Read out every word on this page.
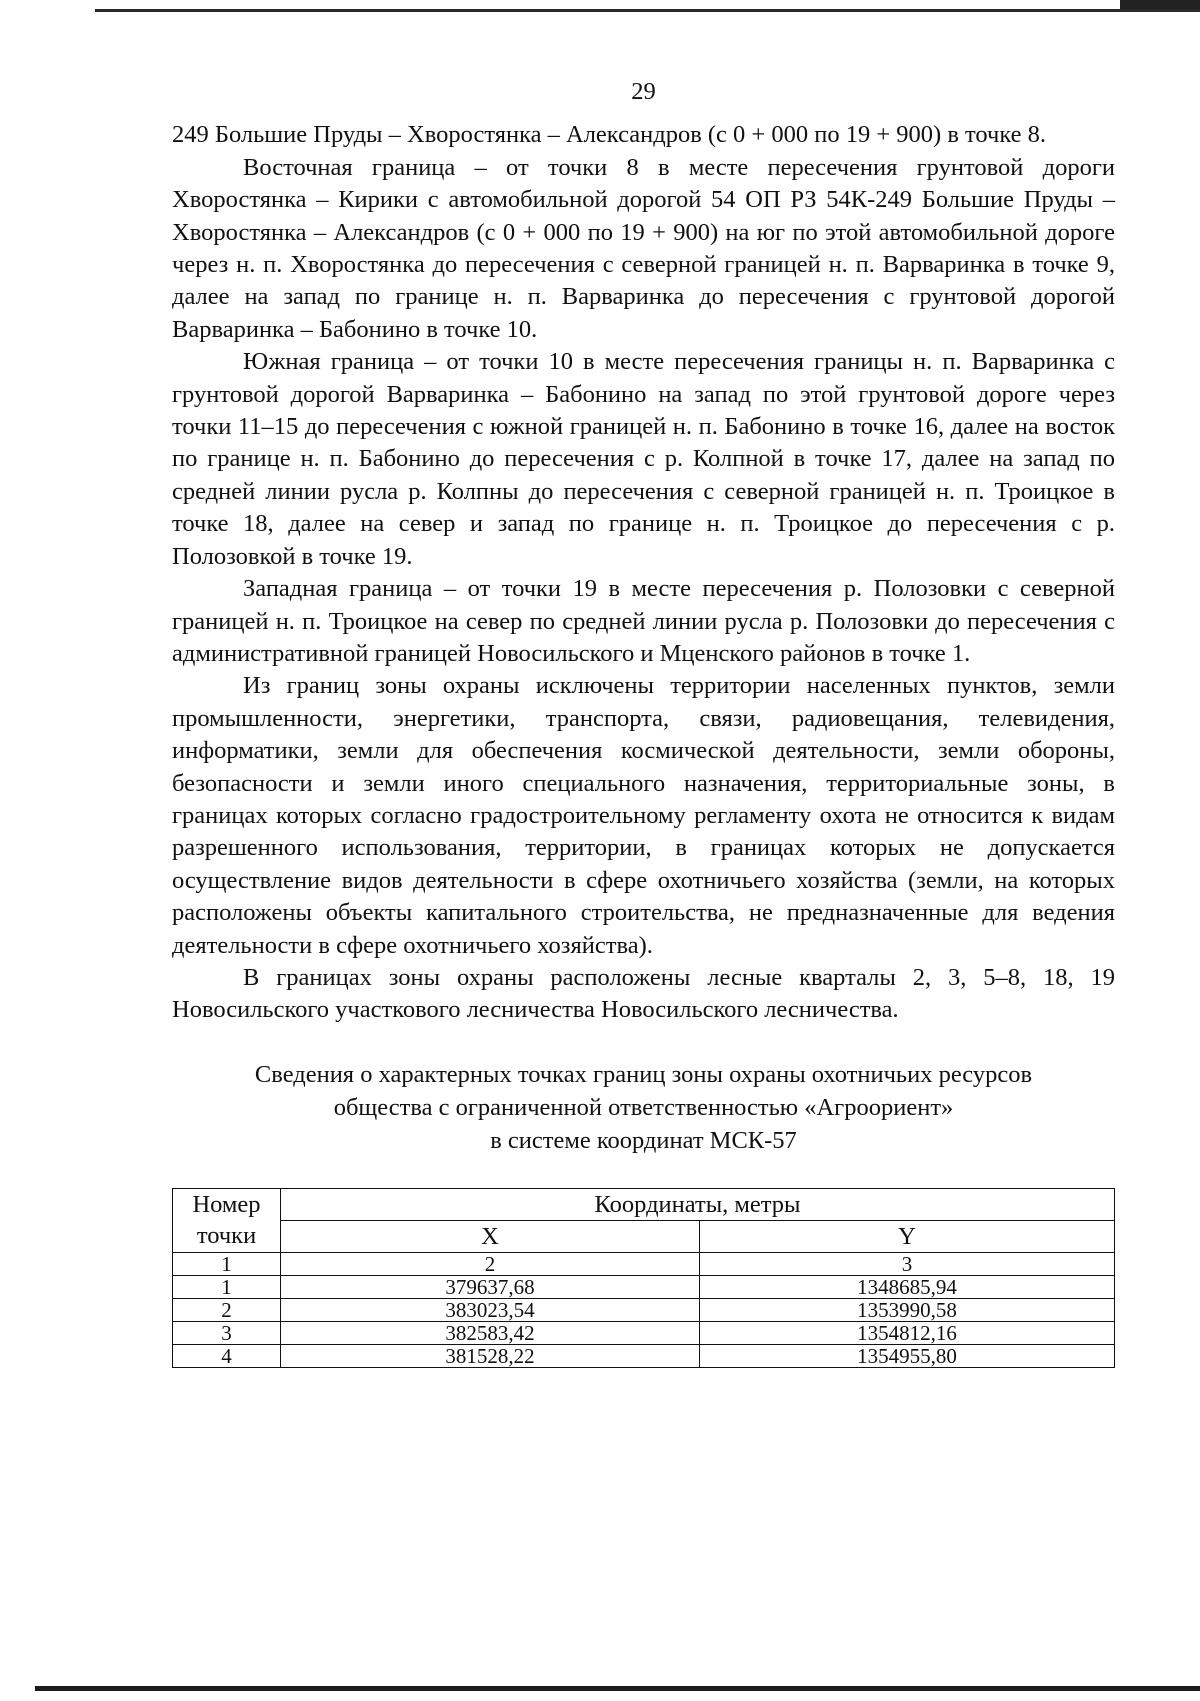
29

249 Большие Пруды – Хворостянка – Александров (с 0 + 000 по 19 + 900) в точке 8.

Восточная граница – от точки 8 в месте пересечения грунтовой дороги Хворостянка – Кирики с автомобильной дорогой 54 ОП РЗ 54К-249 Большие Пруды – Хворостянка – Александров (с 0 + 000 по 19 + 900) на юг по этой автомобильной дороге через н. п. Хворостянка до пересечения с северной границей н. п. Варваринка в точке 9, далее на запад по границе н. п. Варваринка до пересечения с грунтовой дорогой Варваринка – Бабонино в точке 10.

Южная граница – от точки 10 в месте пересечения границы н. п. Варваринка с грунтовой дорогой Варваринка – Бабонино на запад по этой грунтовой дороге через точки 11–15 до пересечения с южной границей н. п. Бабонино в точке 16, далее на восток по границе н. п. Бабонино до пересечения с р. Колпной в точке 17, далее на запад по средней линии русла р. Колпны до пересечения с северной границей н. п. Троицкое в точке 18, далее на север и запад по границе н. п. Троицкое до пересечения с р. Полозовкой в точке 19.

Западная граница – от точки 19 в месте пересечения р. Полозовки с северной границей н. п. Троицкое на север по средней линии русла р. Полозовки до пересечения с административной границей Новосильского и Мценского районов в точке 1.

Из границ зоны охраны исключены территории населенных пунктов, земли промышленности, энергетики, транспорта, связи, радиовещания, телевидения, информатики, земли для обеспечения космической деятельности, земли обороны, безопасности и земли иного специального назначения, территориальные зоны, в границах которых согласно градостроительному регламенту охота не относится к видам разрешенного использования, территории, в границах которых не допускается осуществление видов деятельности в сфере охотничьего хозяйства (земли, на которых расположены объекты капитального строительства, не предназначенные для ведения деятельности в сфере охотничьего хозяйства).

В границах зоны охраны расположены лесные кварталы 2, 3, 5–8, 18, 19 Новосильского участкового лесничества Новосильского лесничества.

Сведения о характерных точках границ зоны охраны охотничьих ресурсов
общества с ограниченной ответственностью «Агроориент»
в системе координат МСК-57
Номер точки	Координаты, метры	
	X	Y
1	2	3
1	379637,68	1348685,94
2	383023,54	1353990,58
3	382583,42	1354812,16
4	381528,22	1354955,80
